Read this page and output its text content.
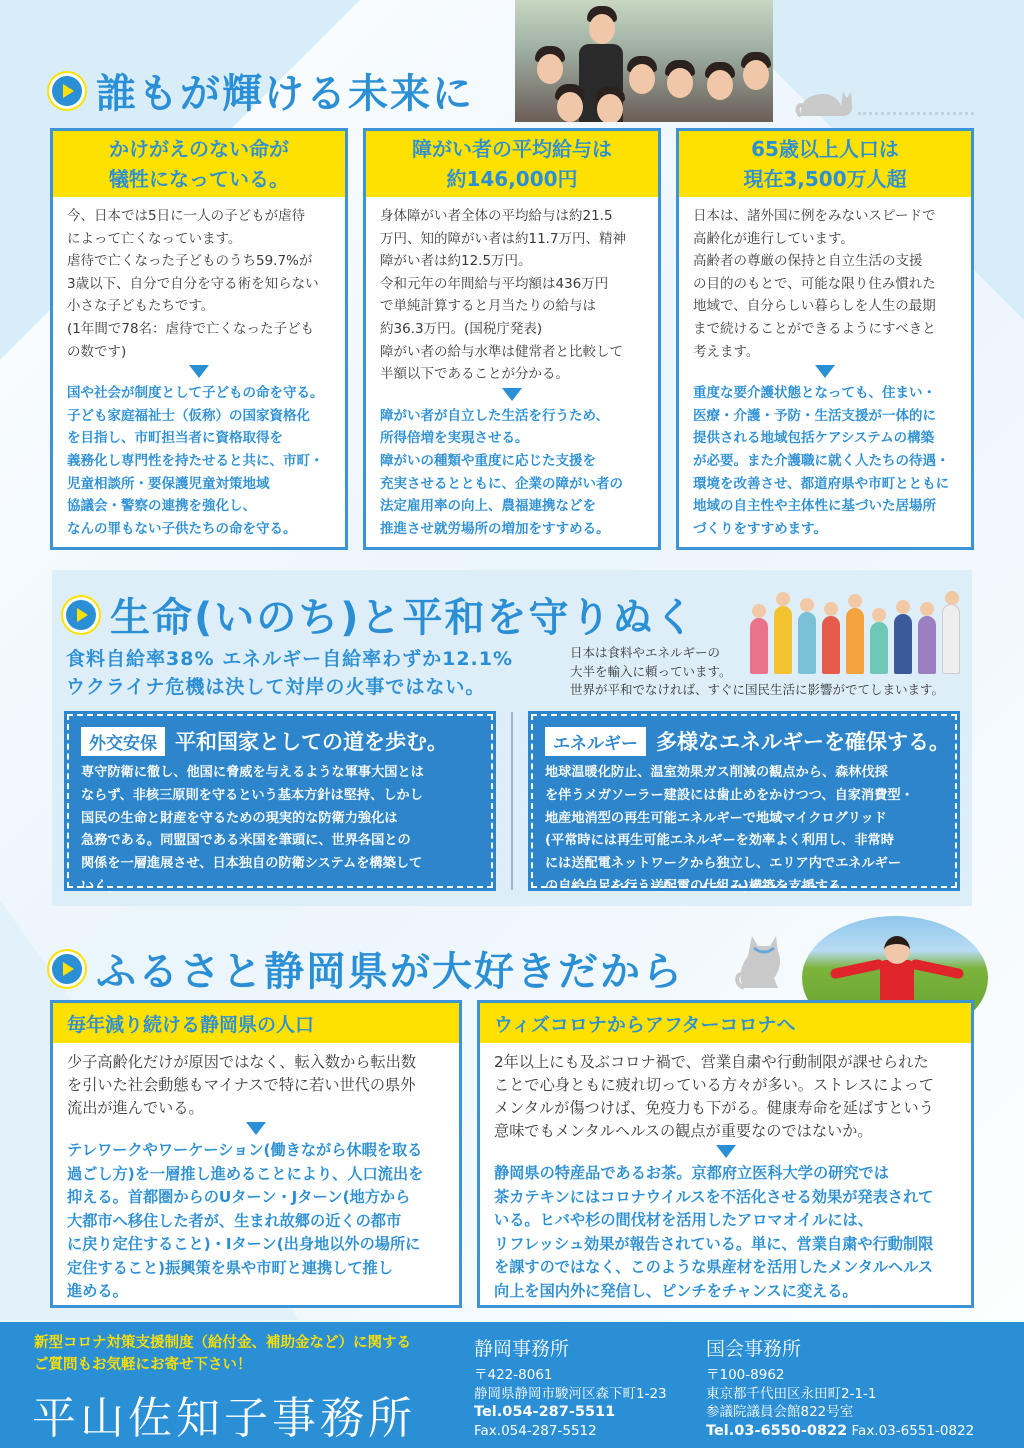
誰もが輝ける未来に
かけがえのない命が
犠牲になっている。
今、日本では5日に一人の子どもが虐待
によって亡くなっています。
虐待で亡くなった子どものうち59.7%が
3歳以下、自分で自分を守る術を知らない
小さな子どもたちです。
(1年間で78名：虐待で亡くなった子ども
の数です)
国や社会が制度として子どもの命を守る。
子ども家庭福祉士（仮称）の国家資格化
を目指し、市町担当者に資格取得を
義務化し専門性を持たせると共に、市町・
児童相談所・要保護児童対策地域
協議会・警察の連携を強化し、
なんの罪もない子供たちの命を守る。
障がい者の平均給与は
約146,000円
身体障がい者全体の平均給与は約21.5
万円、知的障がい者は約11.7万円、精神
障がい者は約12.5万円。
令和元年の年間給与平均額は436万円
で単純計算すると月当たりの給与は
約36.3万円。(国税庁発表)
障がい者の給与水準は健常者と比較して
半額以下であることが分かる。
障がい者が自立した生活を行うため、
所得倍増を実現させる。
障がいの種類や重度に応じた支援を
充実させるとともに、企業の障がい者の
法定雇用率の向上、農福連携などを
推進させ就労場所の増加をすすめる。
65歳以上人口は
現在3,500万人超
日本は、諸外国に例をみないスピードで
高齢化が進行しています。
高齢者の尊厳の保持と自立生活の支援
の目的のもとで、可能な限り住み慣れた
地域で、自分らしい暮らしを人生の最期
まで続けることができるようにすべきと
考えます。
重度な要介護状態となっても、住まい・
医療・介護・予防・生活支援が一体的に
提供される地域包括ケアシステムの構築
が必要。また介護職に就く人たちの待遇・
環境を改善させ、都道府県や市町とともに
地域の自主性や主体性に基づいた居場所
づくりをすすめます。
生命(いのち)と平和を守りぬく
食料自給率38% エネルギー自給率わずか12.1%
ウクライナ危機は決して対岸の火事ではない。
日本は食料やエネルギーの
大半を輸入に頼っています。
世界が平和でなければ、すぐに国民生活に影響がでてしまいます。
外交安保 平和国家としての道を歩む。
専守防衛に徹し、他国に脅威を与えるような軍事大国とは
ならず、非核三原則を守るという基本方針は堅持、しかし
国民の生命と財産を守るための現実的な防衛力強化は
急務である。同盟国である米国を筆頭に、世界各国との
関係を一層進展させ、日本独自の防衛システムを構築して
いく。
エネルギー 多様なエネルギーを確保する。
地球温暖化防止、温室効果ガス削減の観点から、森林伐採
を伴うメガソーラー建設には歯止めをかけつつ、自家消費型・
地産地消型の再生可能エネルギーで地域マイクログリッド
(平常時には再生可能エネルギーを効率よく利用し、非常時
には送配電ネットワークから独立し、エリア内でエネルギー
の自給自足を行う送配電の仕組み)構築を支援する。
ふるさと静岡県が大好きだから
毎年減り続ける静岡県の人口
少子高齢化だけが原因ではなく、転入数から転出数
を引いた社会動態もマイナスで特に若い世代の県外
流出が進んでいる。
テレワークやワーケーション(働きながら休暇を取る
過ごし方)を一層推し進めることにより、人口流出を
抑える。首都圏からのUターン・Jターン(地方から
大都市へ移住した者が、生まれ故郷の近くの都市
に戻り定住すること)・Iターン(出身地以外の場所に
定住すること)振興策を県や市町と連携して推し
進める。
ウィズコロナからアフターコロナへ
2年以上にも及ぶコロナ禍で、営業自粛や行動制限が課せられた
ことで心身ともに疲れ切っている方々が多い。ストレスによって
メンタルが傷つけば、免疫力も下がる。健康寿命を延ばすという
意味でもメンタルヘルスの観点が重要なのではないか。
静岡県の特産品であるお茶。京都府立医科大学の研究では
茶カテキンにはコロナウイルスを不活化させる効果が発表されて
いる。ヒバや杉の間伐材を活用したアロマオイルには、
リフレッシュ効果が報告されている。単に、営業自粛や行動制限
を課すのではなく、このような県産材を活用したメンタルヘルス
向上を国内外に発信し、ピンチをチャンスに変える。
新型コロナ対策支援制度（給付金、補助金など）に関する
ご質問もお気軽にお寄せ下さい！
平山佐知子事務所
静岡事務所
〒422-8061
静岡県静岡市駿河区森下町1-23
Tel.054-287-5511
Fax.054-287-5512
国会事務所
〒100-8962
東京都千代田区永田町2-1-1
参議院議員会館822号室
Tel.03-6550-0822 Fax.03-6551-0822
